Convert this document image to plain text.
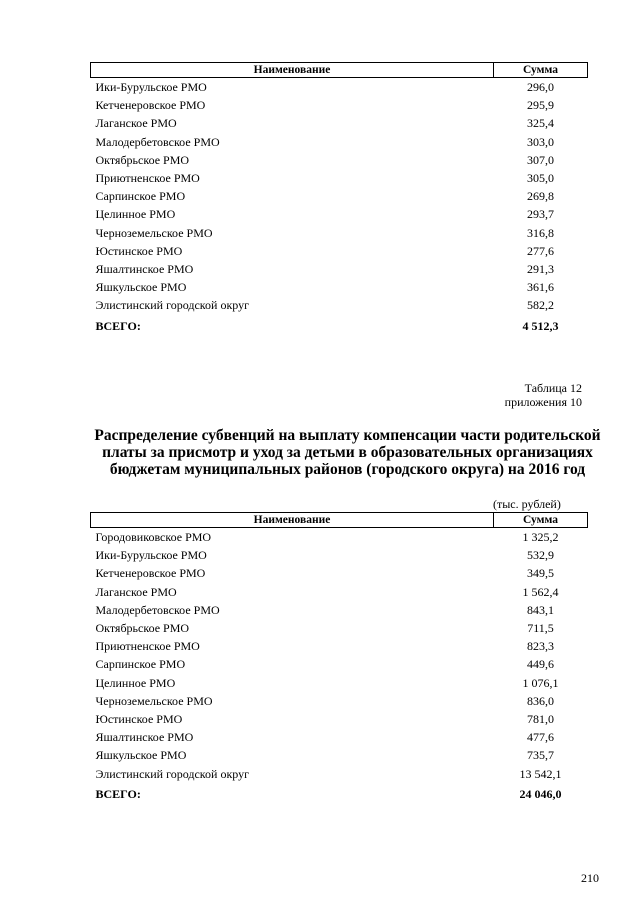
Наименование	Сумма
Ики-Бурульское РМО	296,0
Кетченеровское РМО	295,9
Лаганское РМО	325,4
Малодербетовское РМО	303,0
Октябрьское РМО	307,0
Приютненское РМО	305,0
Сарпинское РМО	269,8
Целинное РМО	293,7
Черноземельское РМО	316,8
Юстинское РМО	277,6
Яшалтинское РМО	291,3
Яшкульское РМО	361,6
Элистинский городской округ	582,2
ВСЕГО:	4 512,3
Таблица 12
приложения 10
Распределение субвенций на выплату компенсации части родительской
платы за присмотр и уход за детьми в образовательных организациях
бюджетам муниципальных районов (городского округа) на 2016 год
(тыс. рублей)
Наименование	Сумма
Городовиковское РМО	1 325,2
Ики-Бурульское РМО	532,9
Кетченеровское РМО	349,5
Лаганское РМО	1 562,4
Малодербетовское РМО	843,1
Октябрьское РМО	711,5
Приютненское РМО	823,3
Сарпинское РМО	449,6
Целинное РМО	1 076,1
Черноземельское РМО	836,0
Юстинское РМО	781,0
Яшалтинское РМО	477,6
Яшкульское РМО	735,7
Элистинский городской округ	13 542,1
ВСЕГО:	24 046,0
210
